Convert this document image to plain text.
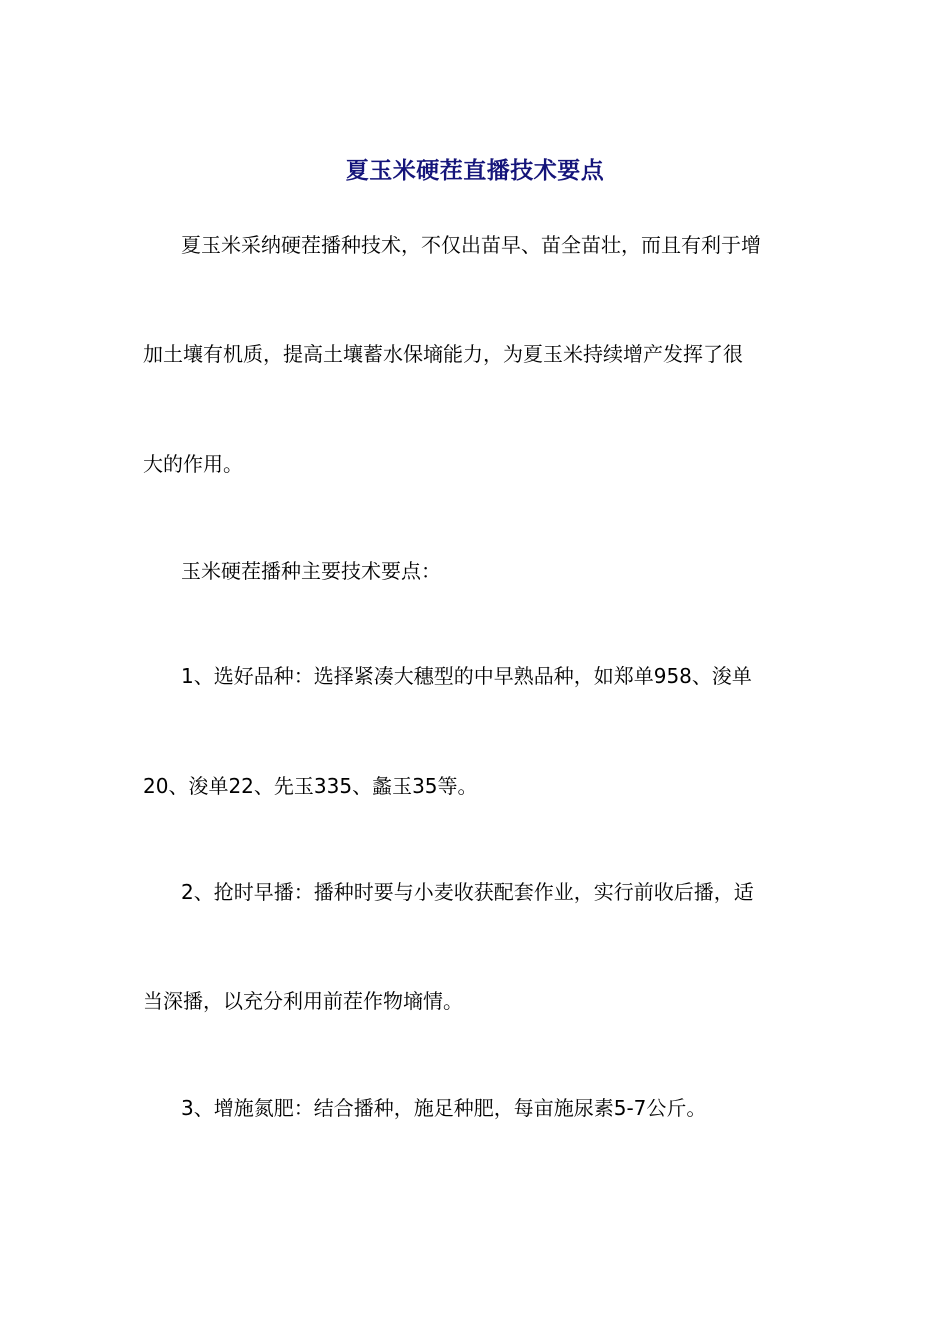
夏玉米硬茬直播技术要点
夏玉米采纳硬茬播种技术，不仅出苗早、苗全苗壮，而且有利于增
加土壤有机质，提高土壤蓄水保墒能力，为夏玉米持续增产发挥了很
大的作用。
玉米硬茬播种主要技术要点：
1、选好品种：选择紧凑大穗型的中早熟品种，如郑单958、浚单
20、浚单22、先玉335、蠡玉35等。
2、抢时早播：播种时要与小麦收获配套作业，实行前收后播，适
当深播，以充分利用前茬作物墒情。
3、增施氮肥：结合播种，施足种肥，每亩施尿素5-7公斤。
